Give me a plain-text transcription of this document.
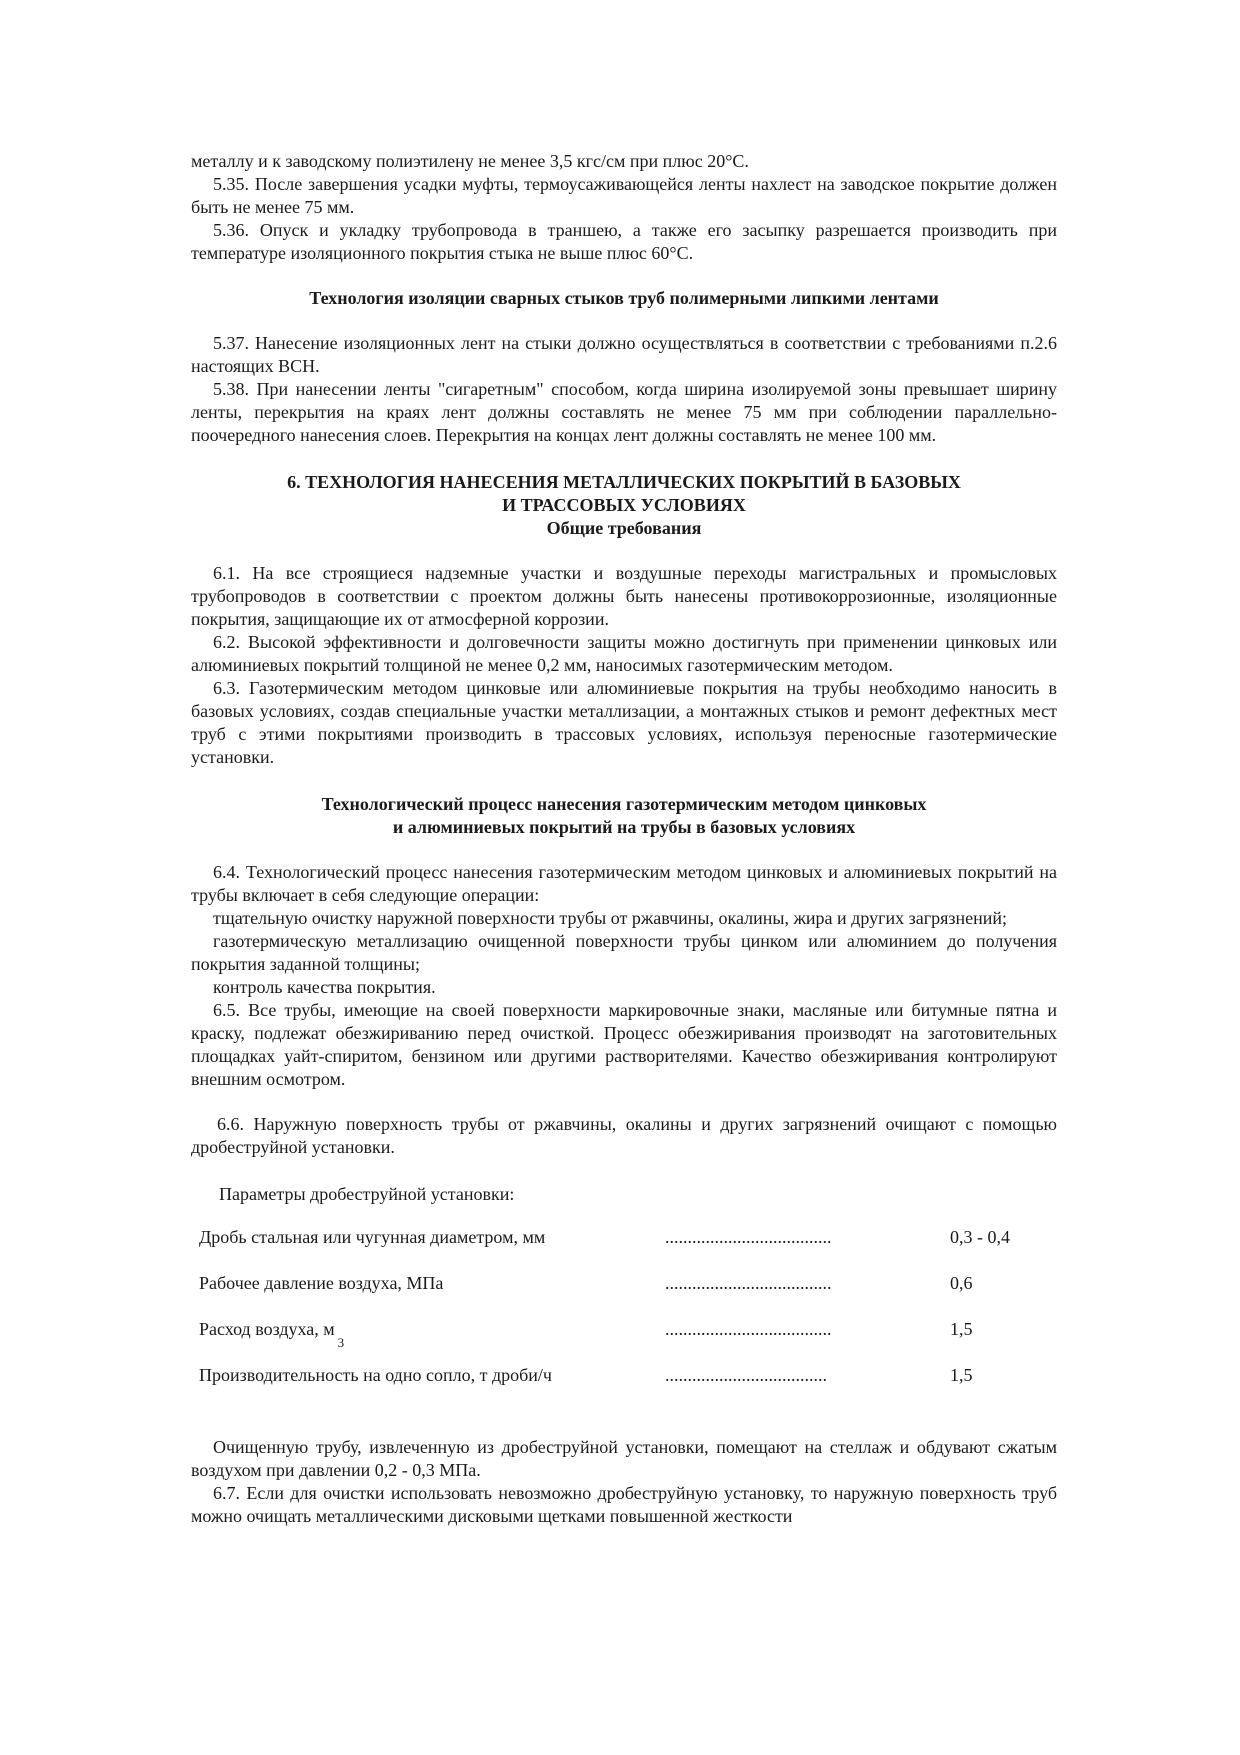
металлу и к заводскому полиэтилену не менее 3,5 кгс/см при плюс 20°С.

5.35. После завершения усадки муфты, термоусаживающейся ленты нахлест на заводское покрытие должен быть не менее 75 мм.

5.36. Опуск и укладку трубопровода в траншею, а также его засыпку разрешается производить при температуре изоляционного покрытия стыка не выше плюс 60°С.

Технология изоляции сварных стыков труб полимерными липкими лентами

5.37. Нанесение изоляционных лент на стыки должно осуществляться в соответствии с требованиями п.2.6 настоящих ВСН.

5.38. При нанесении ленты "сигаретным" способом, когда ширина изолируемой зоны превышает ширину ленты, перекрытия на краях лент должны составлять не менее 75 мм при соблюдении параллельно-поочередного нанесения слоев. Перекрытия на концах лент должны составлять не менее 100 мм.

6. ТЕХНОЛОГИЯ НАНЕСЕНИЯ МЕТАЛЛИЧЕСКИХ ПОКРЫТИЙ В БАЗОВЫХ
И ТРАССОВЫХ УСЛОВИЯХ
Общие требования

6.1. На все строящиеся надземные участки и воздушные переходы магистральных и промысловых трубопроводов в соответствии с проектом должны быть нанесены противокоррозионные, изоляционные покрытия, защищающие их от атмосферной коррозии.

6.2. Высокой эффективности и долговечности защиты можно достигнуть при применении цинковых или алюминиевых покрытий толщиной не менее 0,2 мм, наносимых газотермическим методом.

6.3. Газотермическим методом цинковые или алюминиевые покрытия на трубы необходимо наносить в базовых условиях, создав специальные участки металлизации, а монтажных стыков и ремонт дефектных мест труб с этими покрытиями производить в трассовых условиях, используя переносные газотермические установки.

Технологический процесс нанесения газотермическим методом цинковых
и алюминиевых покрытий на трубы в базовых условиях

6.4. Технологический процесс нанесения газотермическим методом цинковых и алюминиевых покрытий на трубы включает в себя следующие операции:

тщательную очистку наружной поверхности трубы от ржавчины, окалины, жира и других загрязнений;

газотермическую металлизацию очищенной поверхности трубы цинком или алюминием до получения покрытия заданной толщины;

контроль качества покрытия.

6.5. Все трубы, имеющие на своей поверхности маркировочные знаки, масляные или битумные пятна и краску, подлежат обезжириванию перед очисткой. Процесс обезжиривания производят на заготовительных площадках уайт-спиритом, бензином или другими растворителями. Качество обезжиривания контролируют внешним осмотром.

6.6. Наружную поверхность трубы от ржавчины, окалины и других загрязнений очищают с помощью дробеструйной установки.

Параметры дробеструйной установки:

Дробь стальная или чугунная диаметром, мм	.....................................	0,3 - 0,4
Рабочее давление воздуха, МПа	.....................................	0,6
Расход воздуха, $м^3$	.....................................	1,5
Производительность на одно сопло, т дроби/ч	....................................	1,5

Очищенную трубу, извлеченную из дробеструйной установки, помещают на стеллаж и обдувают сжатым воздухом при давлении 0,2 - 0,3 МПа.

6.7. Если для очистки использовать невозможно дробеструйную установку, то наружную поверхность труб можно очищать металлическими дисковыми щетками повышенной жесткости
